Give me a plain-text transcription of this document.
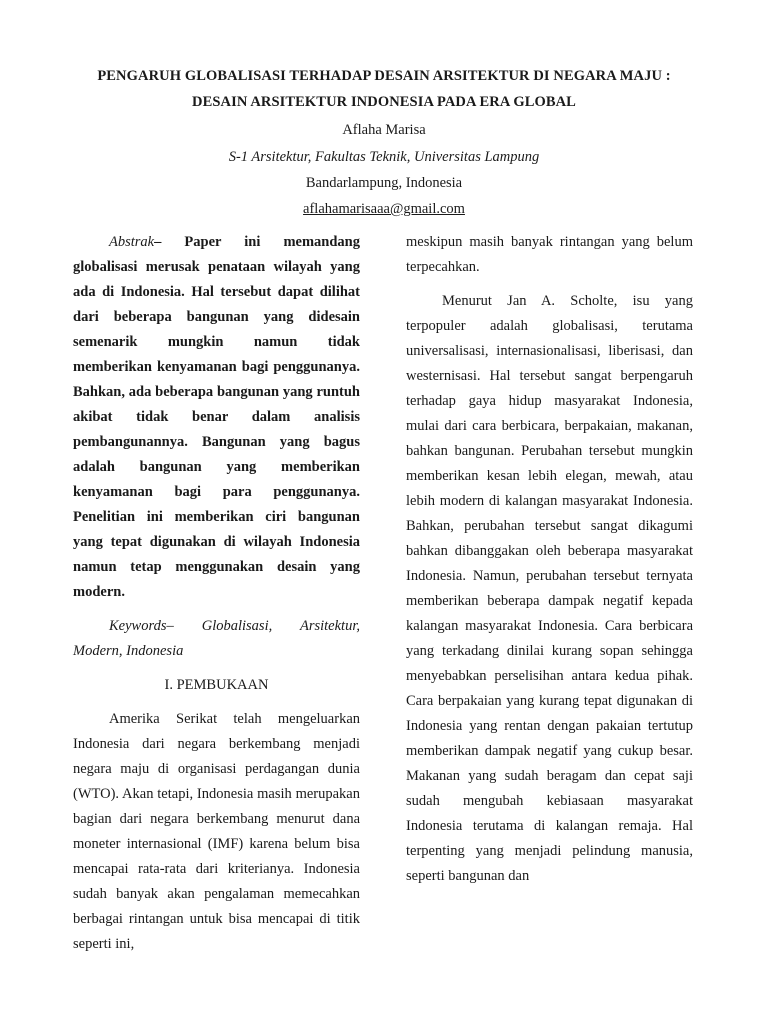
PENGARUH GLOBALISASI TERHADAP DESAIN ARSITEKTUR DI NEGARA MAJU :
DESAIN ARSITEKTUR INDONESIA PADA ERA GLOBAL
Aflaha Marisa
S-1 Arsitektur, Fakultas Teknik, Universitas Lampung
Bandarlampung, Indonesia
aflahamarisaaa@gmail.com

Abstrak– Paper ini memandang globalisasi merusak penataan wilayah yang ada di Indonesia. Hal tersebut dapat dilihat dari beberapa bangunan yang didesain semenarik mungkin namun tidak memberikan kenyamanan bagi penggunanya. Bahkan, ada beberapa bangunan yang runtuh akibat tidak benar dalam analisis pembangunannya. Bangunan yang bagus adalah bangunan yang memberikan kenyamanan bagi para penggunanya. Penelitian ini memberikan ciri bangunan yang tepat digunakan di wilayah Indonesia namun tetap menggunakan desain yang modern.

Keywords– Globalisasi, Arsitektur, Modern, Indonesia

I. PEMBUKAAN

Amerika Serikat telah mengeluarkan Indonesia dari negara berkembang menjadi negara maju di organisasi perdagangan dunia (WTO). Akan tetapi, Indonesia masih merupakan bagian dari negara berkembang menurut dana moneter internasional (IMF) karena belum bisa mencapai rata-rata dari kriterianya. Indonesia sudah banyak akan pengalaman memecahkan berbagai rintangan untuk bisa mencapai di titik seperti ini,

meskipun masih banyak rintangan yang belum terpecahkan.

Menurut Jan A. Scholte, isu yang terpopuler adalah globalisasi, terutama universalisasi, internasionalisasi, liberisasi, dan westernisasi. Hal tersebut sangat berpengaruh terhadap gaya hidup masyarakat Indonesia, mulai dari cara berbicara, berpakaian, makanan, bahkan bangunan. Perubahan tersebut mungkin memberikan kesan lebih elegan, mewah, atau lebih modern di kalangan masyarakat Indonesia. Bahkan, perubahan tersebut sangat dikagumi bahkan dibanggakan oleh beberapa masyarakat Indonesia. Namun, perubahan tersebut ternyata memberikan beberapa dampak negatif kepada kalangan masyarakat Indonesia. Cara berbicara yang terkadang dinilai kurang sopan sehingga menyebabkan perselisihan antara kedua pihak. Cara berpakaian yang kurang tepat digunakan di Indonesia yang rentan dengan pakaian tertutup memberikan dampak negatif yang cukup besar. Makanan yang sudah beragam dan cepat saji sudah mengubah kebiasaan masyarakat Indonesia terutama di kalangan remaja. Hal terpenting yang menjadi pelindung manusia, seperti bangunan dan
